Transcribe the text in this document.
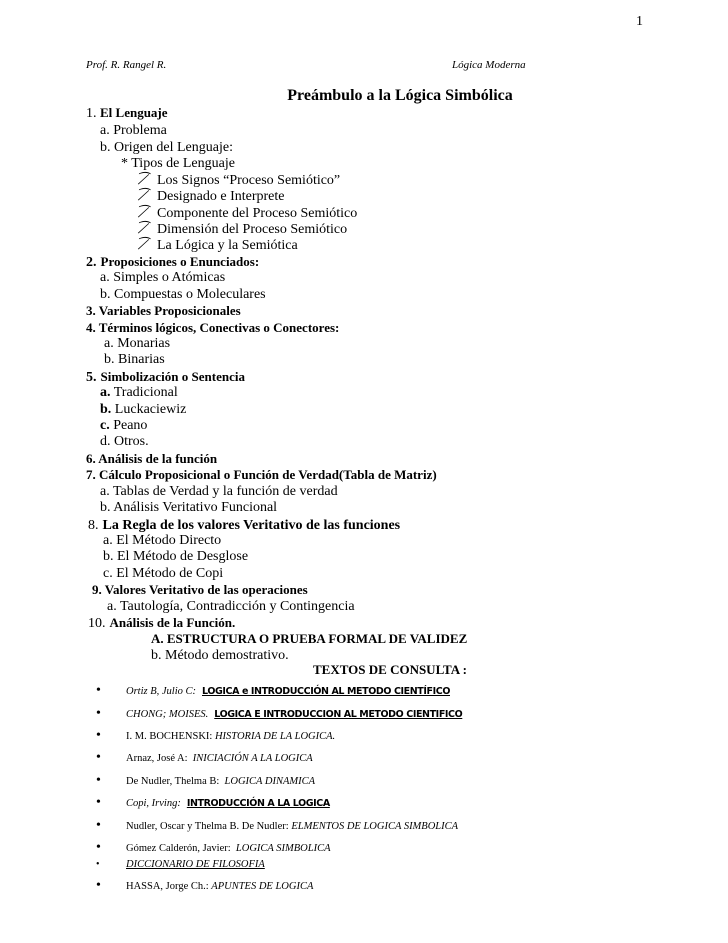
1
Prof. R. Rangel R.	Lógica Moderna
Preámbulo a la Lógica Simbólica
1. El Lenguaje
a. Problema
b. Origen del Lenguaje:
* Tipos de Lenguaje
⁀̸ Los Signos “Proceso Semiótico”
⁀̸ Designado e Interprete
⁀̸ Componente del Proceso Semiótico
⁀̸ Dimensión del Proceso Semiótico
⁀̸ La Lógica y la Semiótica
2. Proposiciones o Enunciados:
a. Simples o Atómicas
b. Compuestas o Moleculares
3. Variables Proposicionales
4. Términos lógicos, Conectivas o Conectores:
a. Monarias
b. Binarias
5. Simbolización o Sentencia
a. Tradicional
b. Luckaciewiz
c. Peano
d. Otros.
6. Análisis de la función
7. Cálculo Proposicional o Función de Verdad(Tabla de Matriz)
a. Tablas de Verdad y la función de verdad
b. Análisis Veritativo Funcional
8. La Regla de los valores Veritativo de las funciones
a. El Método Directo
b. El Método de Desglose
c. El Método de Copi
9. Valores Veritativo de las operaciones
a. Tautología, Contradicción y Contingencia
10. Análisis de la Función.
A. ESTRUCTURA O PRUEBA FORMAL DE VALIDEZ
b. Método demostrativo.
TEXTOS DE CONSULTA :
• Ortiz B, Julio C: LOGICA e INTRODUCCIÓN AL METODO CIENTÍFICO
• CHONG; MOISES. LOGICA E INTRODUCCION AL METODO CIENTIFICO
• I. M. BOCHENSKI: HISTORIA DE LA LOGICA.
• Arnaz, José A: INICIACIÓN A LA LOGICA
• De Nudler, Thelma B: LOGICA DINAMICA
• Copi, Irving: INTRODUCCIÓN A LA LOGICA
• Nudler, Oscar y Thelma B. De Nudler: ELMENTOS DE LOGICA SIMBOLICA
• Gómez Calderón, Javier: LOGICA SIMBOLICA
•	DICCIONARIO DE FILOSOFIA
• HASSA, Jorge Ch.: APUNTES DE LOGICA
